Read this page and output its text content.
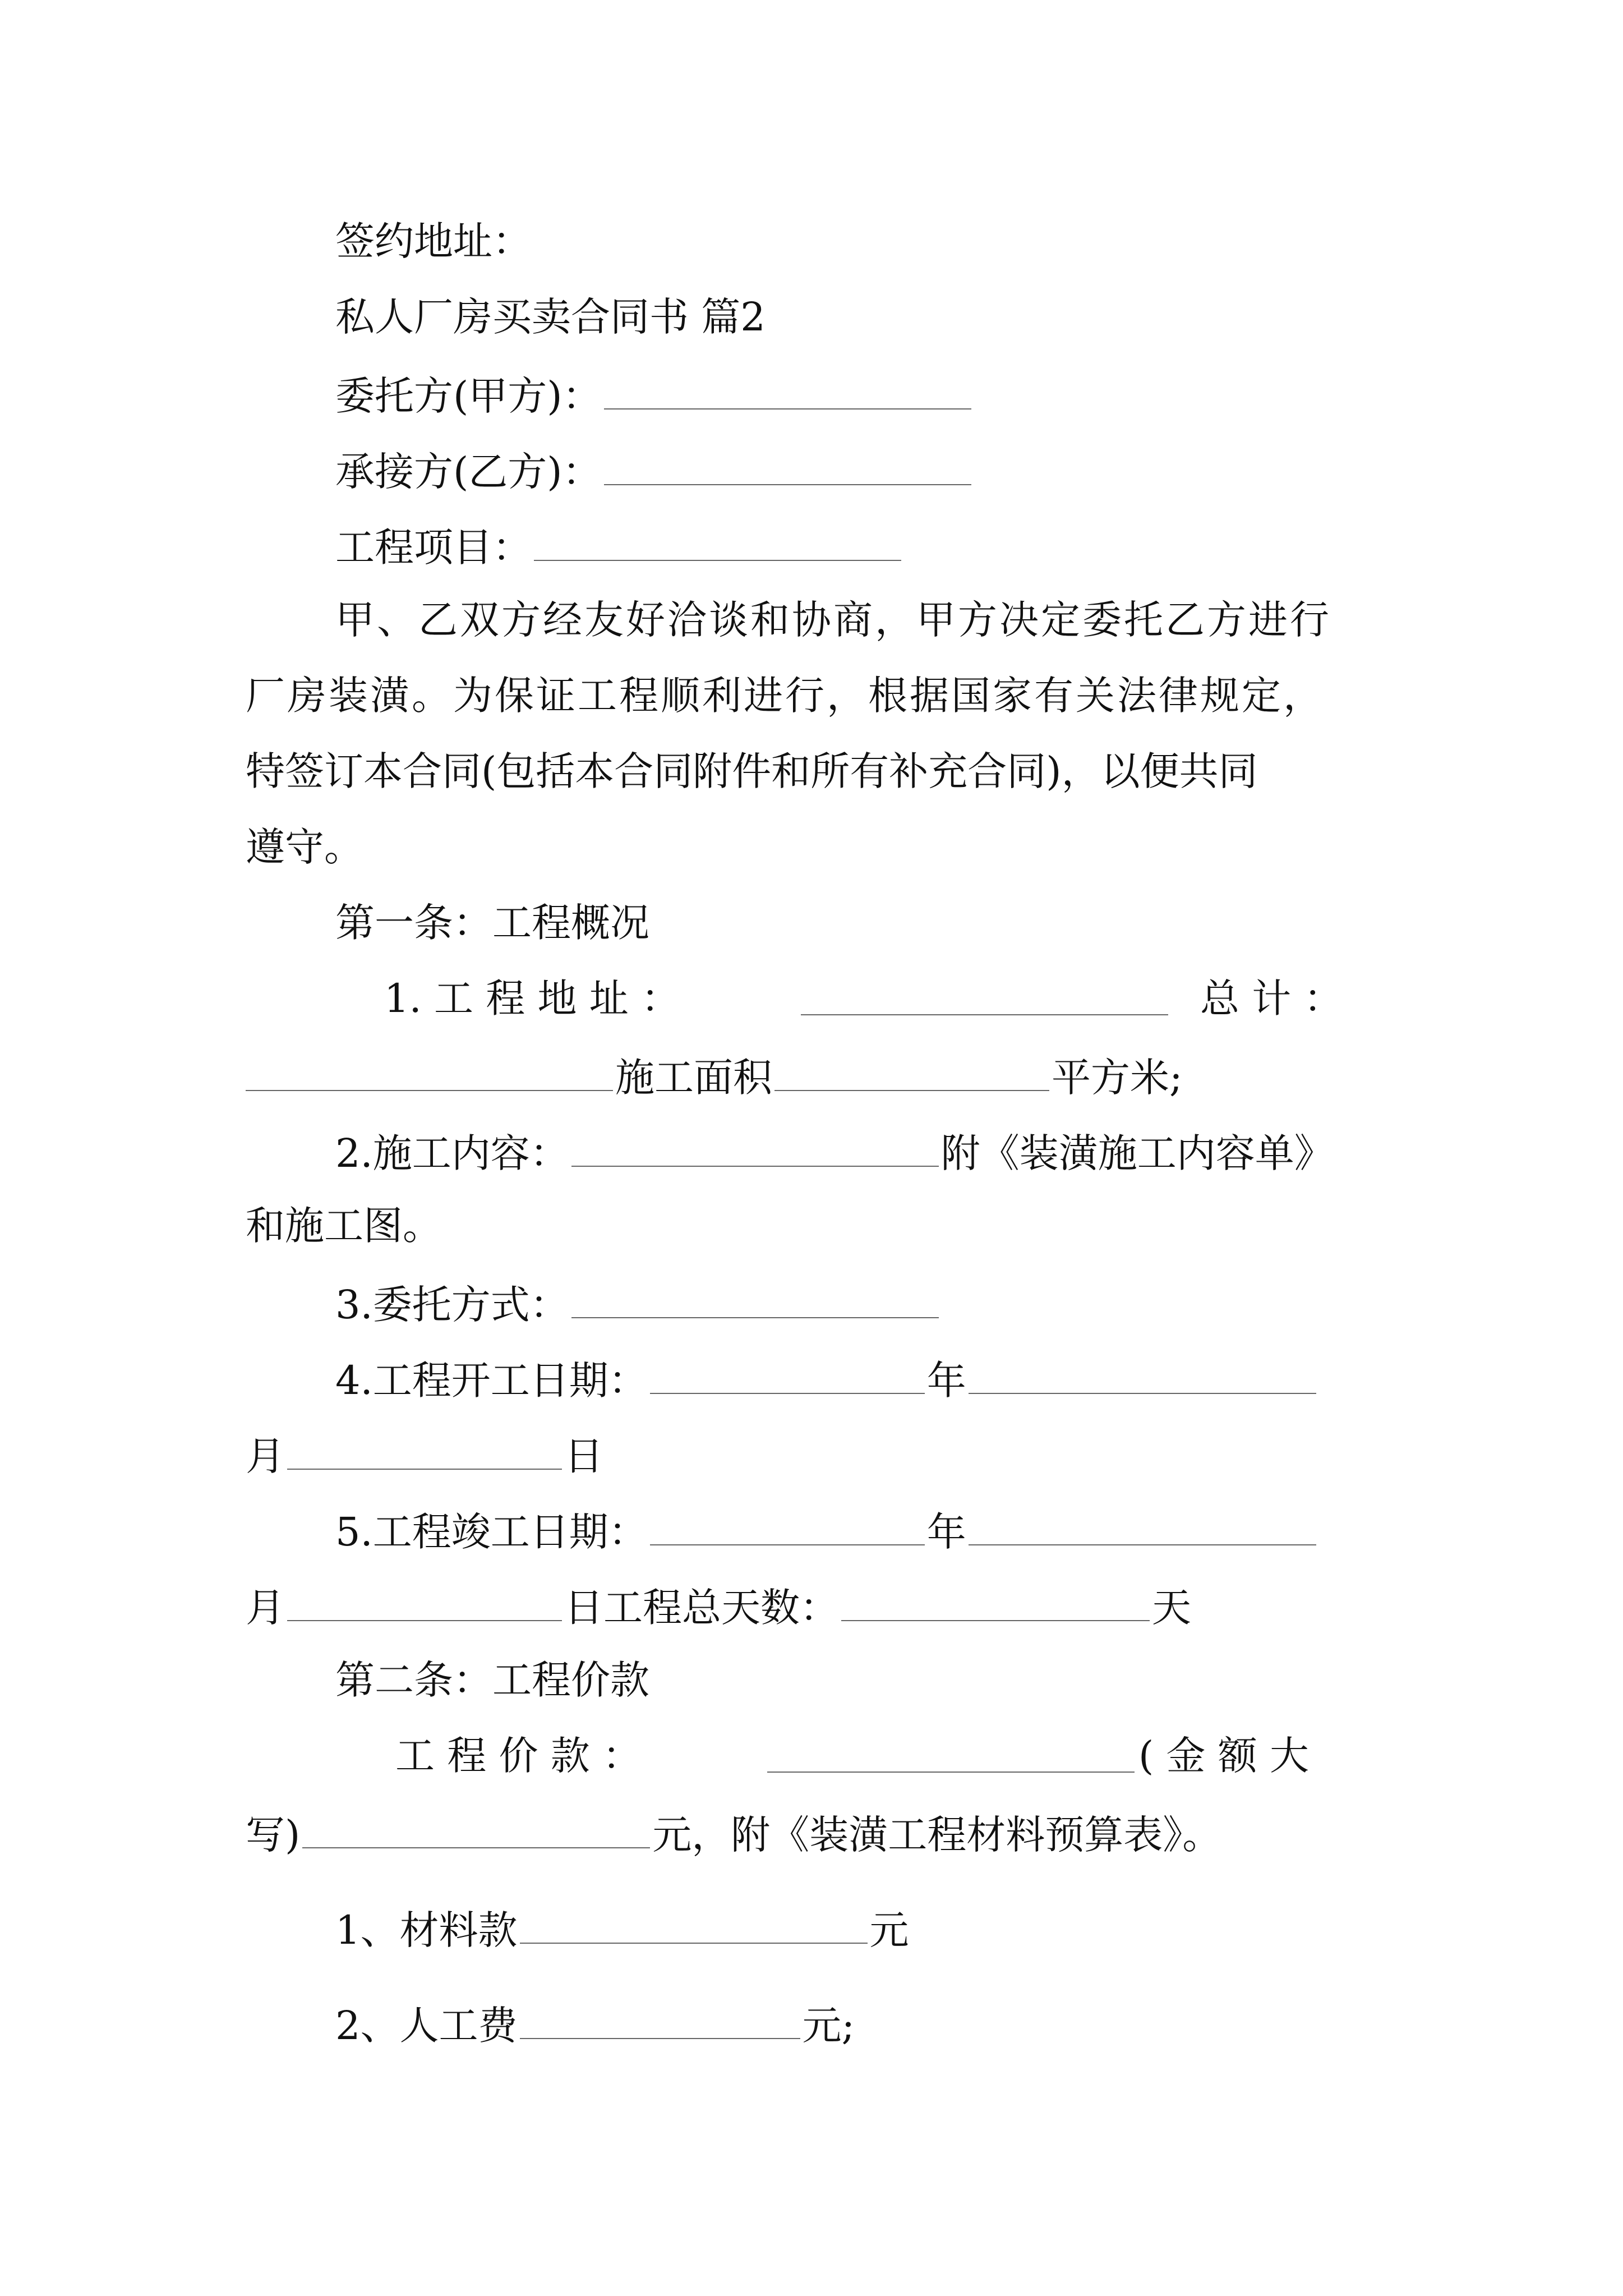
签约地址：
私人厂房买卖合同书 篇2
委托方(甲方)：
承接方(乙方)：
工程项目：
甲、乙双方经友好洽谈和协商，甲方决定委托乙方进行
厂房装潢。为保证工程顺利进行，根据国家有关法律规定，
特签订本合同(包括本合同附件和所有补充合同)，以便共同
遵守。
第一条：工程概况
1. 工 程 地 址 ：	总 计 ：
施工面积	平方米;
2.施工内容：	附《装潢施工内容单》
和施工图。
3.委托方式：
4.工程开工日期：	年
月	日
5.工程竣工日期：	年
月	日工程总天数：	天
第二条：工程价款
工 程 价 款 ：	( 金 额 大
写)	元，附《装潢工程材料预算表》。
1、材料款	元
2、人工费	元;
